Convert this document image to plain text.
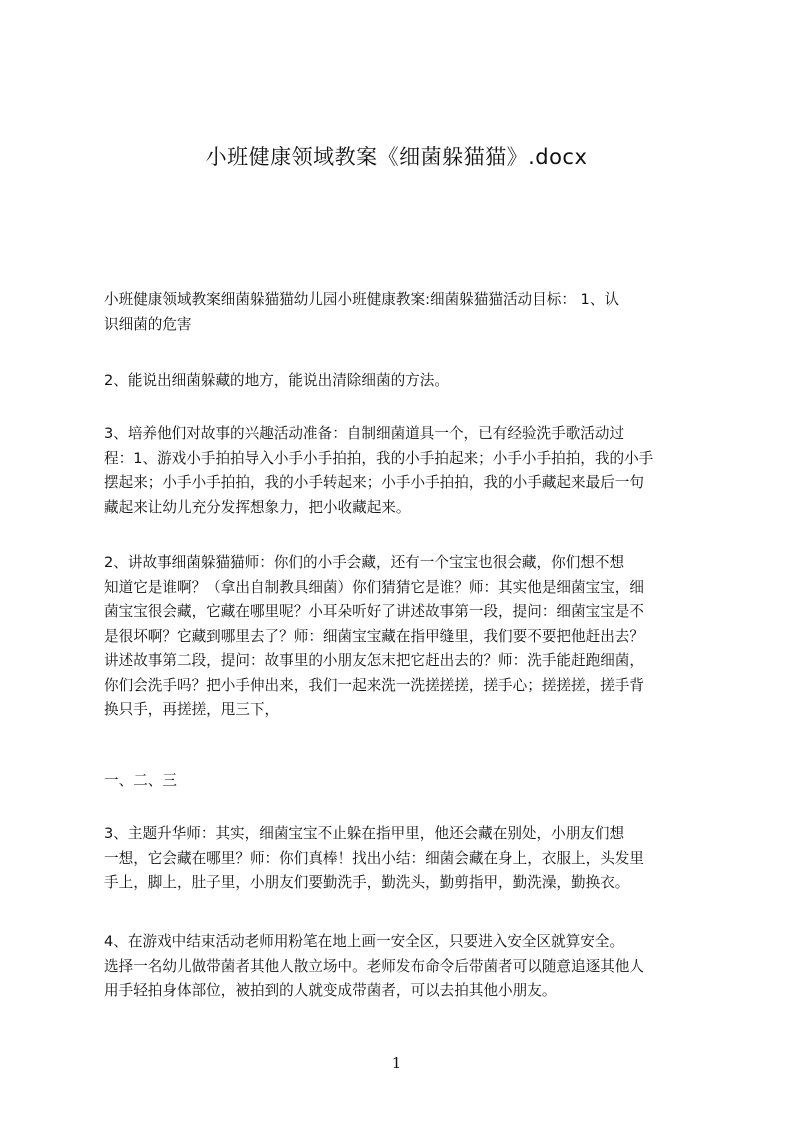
小班健康领域教案《细菌躲猫猫》.docx
小班健康领域教案细菌躲猫猫幼儿园小班健康教案:细菌躲猫猫活动目标： 1、认
识细菌的危害
2、能说出细菌躲藏的地方，能说出清除细菌的方法。
3、培养他们对故事的兴趣活动准备：自制细菌道具一个，已有经验洗手歌活动过
程：1、游戏小手拍拍导入小手小手拍拍，我的小手拍起来；小手小手拍拍，我的小手
摆起来；小手小手拍拍，我的小手转起来；小手小手拍拍，我的小手藏起来最后一句
藏起来让幼儿充分发挥想象力，把小收藏起来。
2、讲故事细菌躲猫猫师：你们的小手会藏，还有一个宝宝也很会藏，你们想不想
知道它是谁啊？（拿出自制教具细菌）你们猜猜它是谁？师：其实他是细菌宝宝，细
菌宝宝很会藏，它藏在哪里呢？小耳朵听好了讲述故事第一段，提问：细菌宝宝是不
是很坏啊？它藏到哪里去了？师：细菌宝宝藏在指甲缝里，我们要不要把他赶出去？
讲述故事第二段，提问：故事里的小朋友怎末把它赶出去的？师：洗手能赶跑细菌，
你们会洗手吗？把小手伸出来，我们一起来洗一洗搓搓搓，搓手心；搓搓搓，搓手背
换只手，再搓搓，甩三下，
一、二、三
3、主题升华师：其实，细菌宝宝不止躲在指甲里，他还会藏在别处，小朋友们想
一想，它会藏在哪里？师：你们真棒！找出小结：细菌会藏在身上，衣服上，头发里
手上，脚上，肚子里，小朋友们要勤洗手，勤洗头，勤剪指甲，勤洗澡，勤换衣。
4、在游戏中结束活动老师用粉笔在地上画一安全区，只要进入安全区就算安全。
选择一名幼儿做带菌者其他人散立场中。老师发布命令后带菌者可以随意追逐其他人
用手轻拍身体部位，被拍到的人就变成带菌者，可以去拍其他小朋友。
1
